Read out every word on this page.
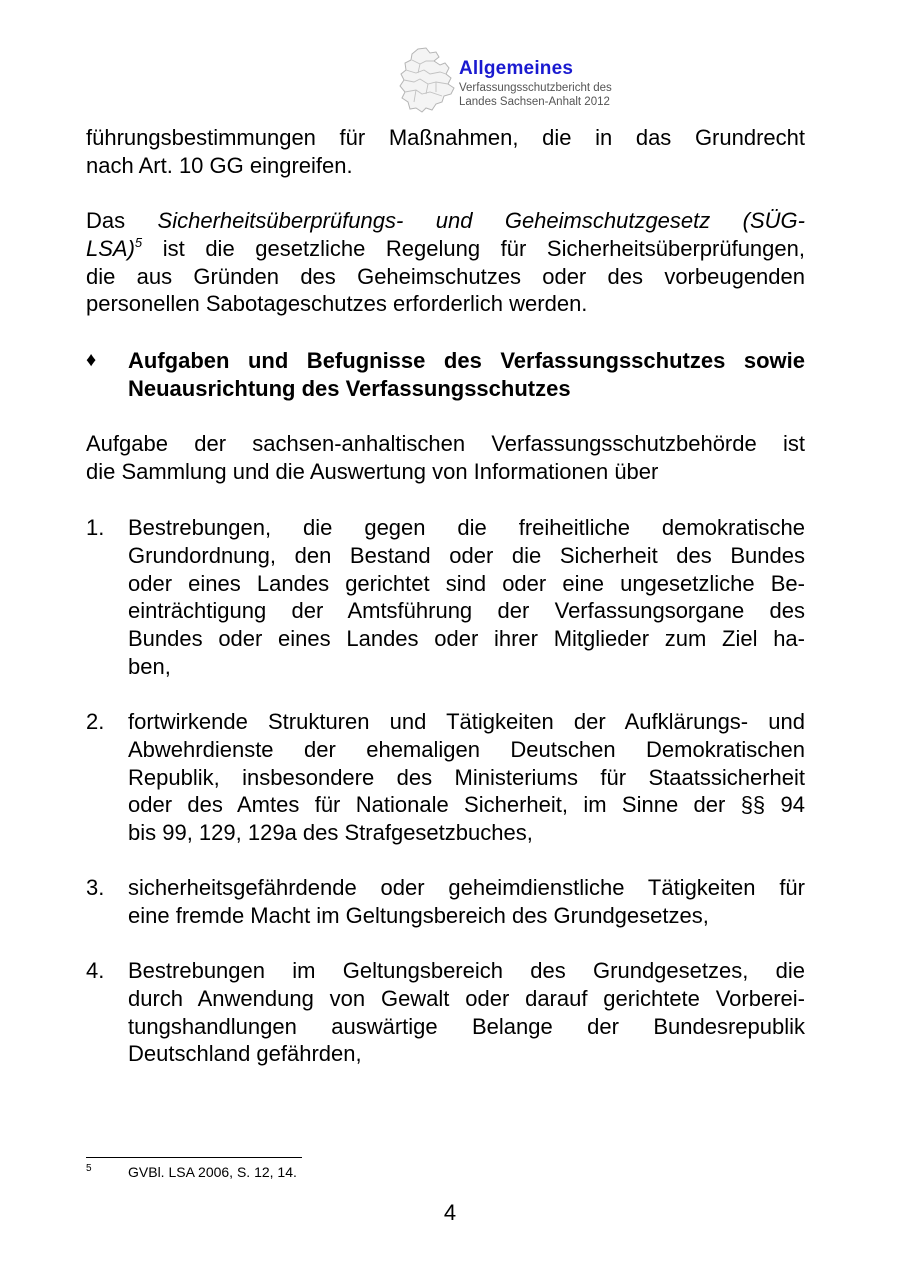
Allgemeines
Verfassungsschutzbericht des
Landes Sachsen-Anhalt 2012
führungsbestimmungen für Maßnahmen, die in das Grundrecht
nach Art. 10 GG eingreifen.
Das Sicherheitsüberprüfungs- und Geheimschutzgesetz (SÜG-
LSA)$^5$ ist die gesetzliche Regelung für Sicherheitsüberprüfungen,
die aus Gründen des Geheimschutzes oder des vorbeugenden
personellen Sabotageschutzes erforderlich werden.
♦ Aufgaben und Befugnisse des Verfassungsschutzes sowie
Neuausrichtung des Verfassungsschutzes
Aufgabe der sachsen-anhaltischen Verfassungsschutzbehörde ist
die Sammlung und die Auswertung von Informationen über
1. Bestrebungen, die gegen die freiheitliche demokratische
Grundordnung, den Bestand oder die Sicherheit des Bundes
oder eines Landes gerichtet sind oder eine ungesetzliche Be-
einträchtigung der Amtsführung der Verfassungsorgane des
Bundes oder eines Landes oder ihrer Mitglieder zum Ziel ha-
ben,
2. fortwirkende Strukturen und Tätigkeiten der Aufklärungs- und
Abwehrdienste der ehemaligen Deutschen Demokratischen
Republik, insbesondere des Ministeriums für Staatssicherheit
oder des Amtes für Nationale Sicherheit, im Sinne der §§ 94
bis 99, 129, 129a des Strafgesetzbuches,
3. sicherheitsgefährdende oder geheimdienstliche Tätigkeiten für
eine fremde Macht im Geltungsbereich des Grundgesetzes,
4. Bestrebungen im Geltungsbereich des Grundgesetzes, die
durch Anwendung von Gewalt oder darauf gerichtete Vorberei-
tungshandlungen auswärtige Belange der Bundesrepublik
Deutschland gefährden,
5	GVBl. LSA 2006, S. 12, 14.
4
